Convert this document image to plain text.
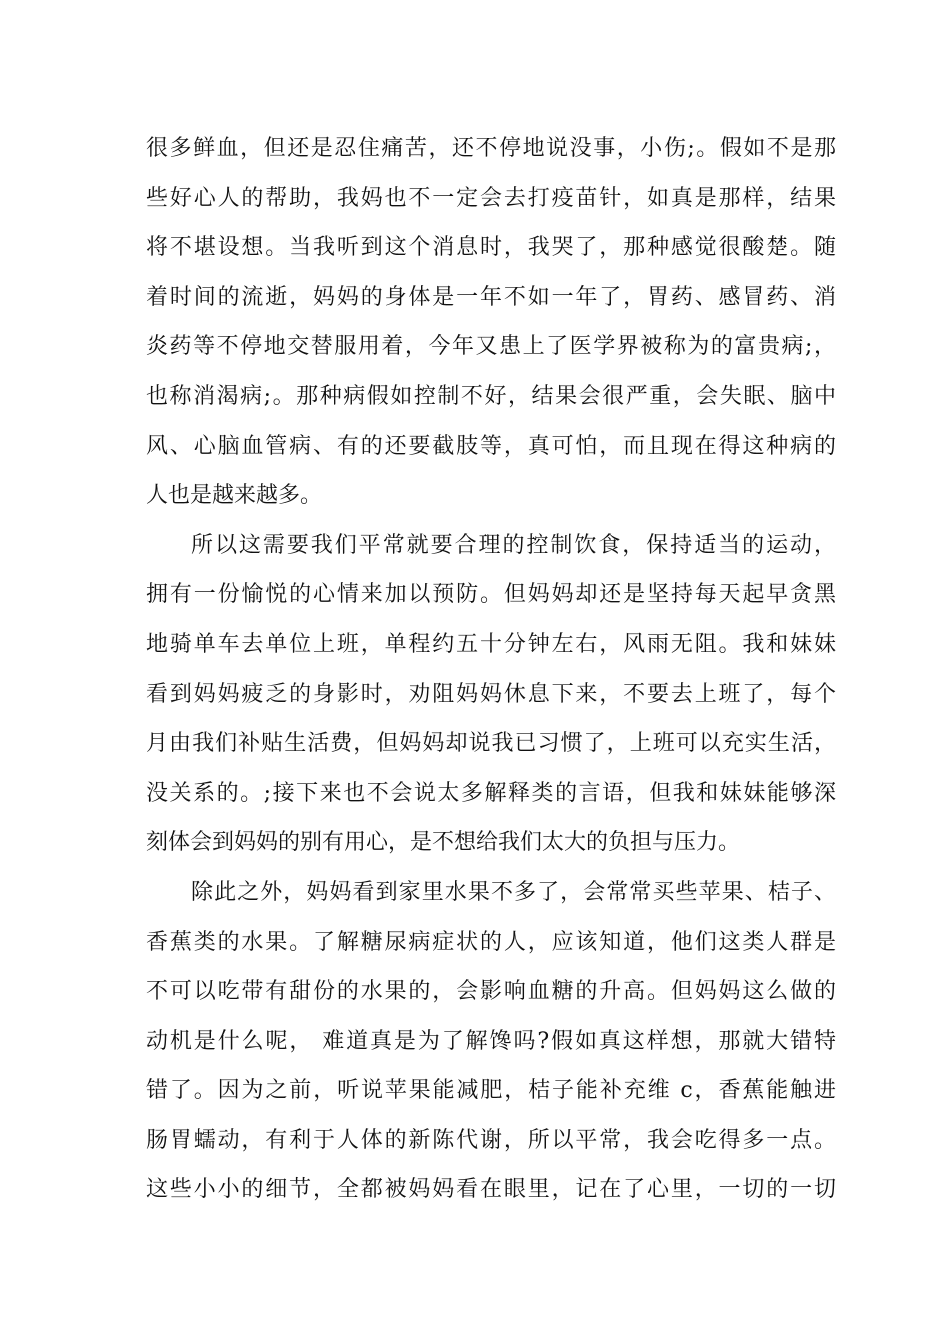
很多鲜血，但还是忍住痛苦，还不停地说没事，小伤;。假如不是那
些好心人的帮助，我妈也不一定会去打疫苗针，如真是那样，结果
将不堪设想。当我听到这个消息时，我哭了，那种感觉很酸楚。随
着时间的流逝，妈妈的身体是一年不如一年了，胃药、感冒药、消
炎药等不停地交替服用着，今年又患上了医学界被称为的富贵病;，
也称消渴病;。那种病假如控制不好，结果会很严重，会失眠、脑中
风、心脑血管病、有的还要截肢等，真可怕，而且现在得这种病的
人也是越来越多。
所以这需要我们平常就要合理的控制饮食，保持适当的运动，
拥有一份愉悦的心情来加以预防。但妈妈却还是坚持每天起早贪黑
地骑单车去单位上班，单程约五十分钟左右，风雨无阻。我和妹妹
看到妈妈疲乏的身影时，劝阻妈妈休息下来，不要去上班了，每个
月由我们补贴生活费，但妈妈却说我已习惯了，上班可以充实生活，
没关系的。;接下来也不会说太多解释类的言语，但我和妹妹能够深
刻体会到妈妈的别有用心，是不想给我们太大的负担与压力。
除此之外，妈妈看到家里水果不多了，会常常买些苹果、桔子、
香蕉类的水果。了解糖尿病症状的人，应该知道，他们这类人群是
不可以吃带有甜份的水果的，会影响血糖的升高。但妈妈这么做的
动机是什么呢， 难道真是为了解馋吗?假如真这样想，那就大错特
错了。因为之前，听说苹果能减肥，桔子能补充维 c，香蕉能触进
肠胃蠕动，有利于人体的新陈代谢，所以平常，我会吃得多一点。
这些小小的细节，全都被妈妈看在眼里，记在了心里，一切的一切
